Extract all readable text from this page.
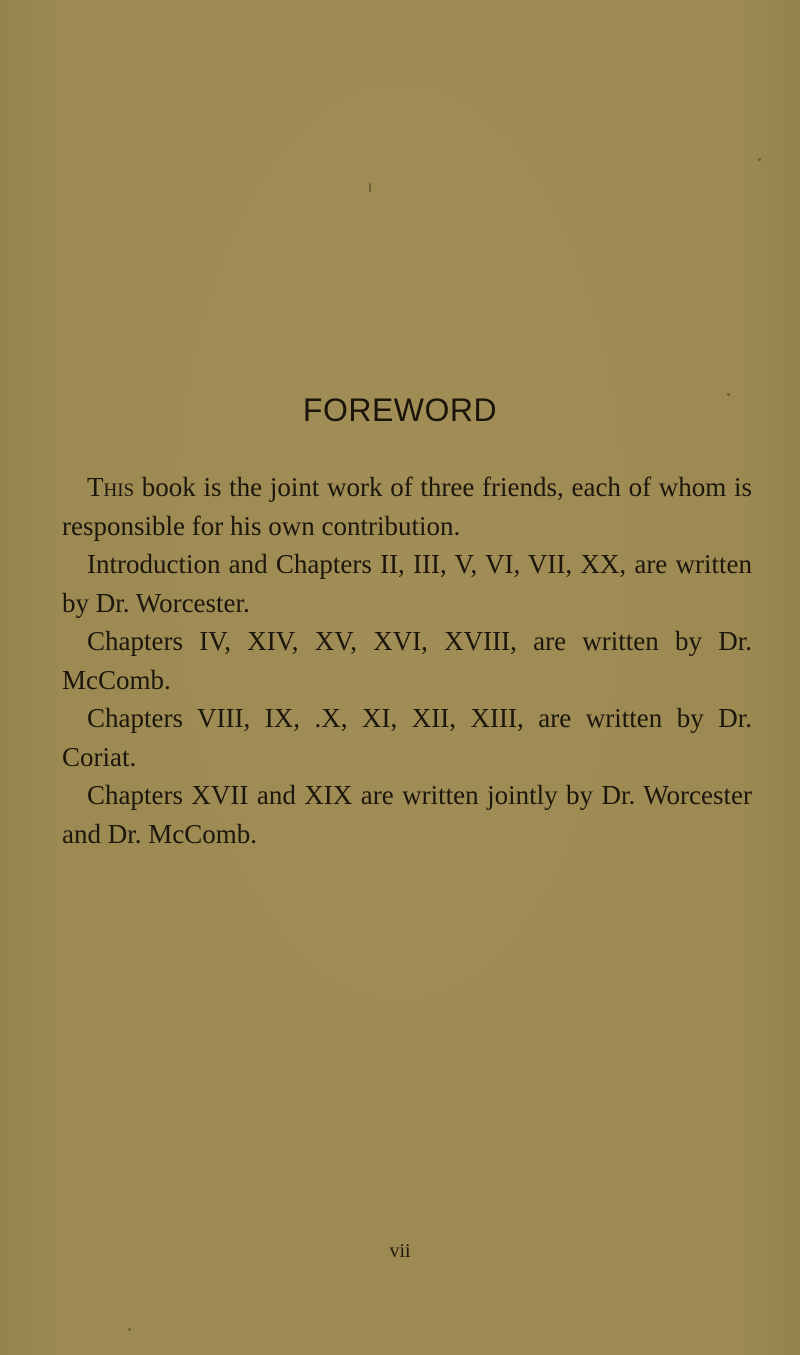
FOREWORD

This book is the joint work of three friends, each of whom is responsible for his own contribution.

Introduction and Chapters II, III, V, VI, VII, XX, are written by Dr. Worcester.

Chapters IV, XIV, XV, XVI, XVIII, are written by Dr. McComb.

Chapters VIII, IX, .X, XI, XII, XIII, are written by Dr. Coriat.

Chapters XVII and XIX are written jointly by Dr. Worcester and Dr. McComb.

vii
